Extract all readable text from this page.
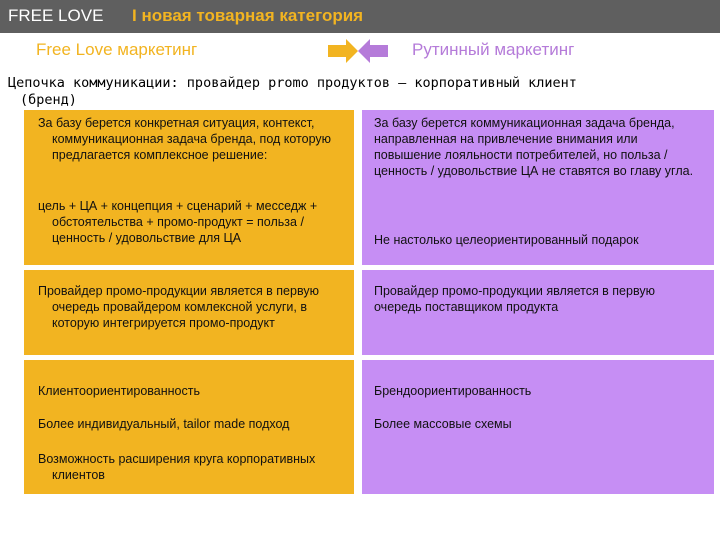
FREE LOVE I новая товарная категория
Free Love маркетинг	Рутинный маркетинг
Цепочка коммуникации: провайдер promo продуктов – корпоративный клиент
(бренд)
За базу берется конкретная ситуация, контекст, коммуникационная задача бренда, под которую предлагается комплексное решение:
цель + ЦА + концепция + сценарий + месседж + обстоятельства + промо-продукт = польза / ценность / удовольствие для ЦА
Провайдер промо-продукции является в первую очередь провайдером комлексной услуги, в которую интегрируется промо-продукт
Клиентоориентированность
Более индивидуальный, tailor made подход
Возможность расширения круга корпоративных клиентов
За базу берется коммуникационная задача бренда, направленная на привлечение внимания или повышение лояльности потребителей, но польза / ценность / удовольствие ЦА не ставятся во главу угла.
Не настолько целеориентированный подарок
Провайдер промо-продукции является в первую очередь поставщиком продукта
Брендоориентированность
Более массовые схемы
